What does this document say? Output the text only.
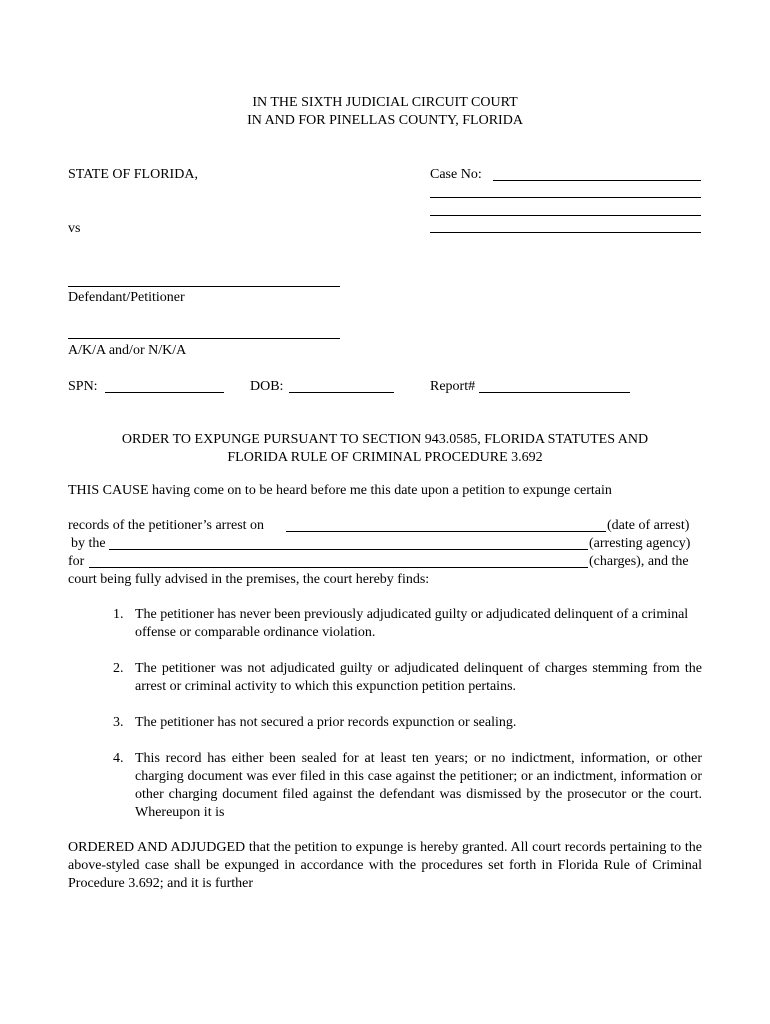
IN THE SIXTH JUDICIAL CIRCUIT COURT
IN AND FOR PINELLAS COUNTY, FLORIDA
STATE OF FLORIDA,	Case No:
vs
Defendant/Petitioner
A/K/A and/or N/K/A
SPN:	DOB:	Report#
ORDER TO EXPUNGE PURSUANT TO SECTION 943.0585, FLORIDA STATUTES AND
FLORIDA RULE OF CRIMINAL PROCEDURE 3.692
THIS CAUSE having come on to be heard before me this date upon a petition to expunge certain
records of the petitioner’s arrest on	(date of arrest)
by the	(arresting agency)
for	(charges), and the
court being fully advised in the premises, the court hereby finds:
1. The petitioner has never been previously adjudicated guilty or adjudicated delinquent of a criminal offense or comparable ordinance violation.
2. The petitioner was not adjudicated guilty or adjudicated delinquent of charges stemming from the arrest or criminal activity to which this expunction petition pertains.
3. The petitioner has not secured a prior records expunction or sealing.
4. This record has either been sealed for at least ten years; or no indictment, information, or other charging document was ever filed in this case against the petitioner; or an indictment, information or other charging document filed against the defendant was dismissed by the prosecutor or the court. Whereupon it is
ORDERED AND ADJUDGED that the petition to expunge is hereby granted. All court records pertaining to the above-styled case shall be expunged in accordance with the procedures set forth in Florida Rule of Criminal Procedure 3.692; and it is further
